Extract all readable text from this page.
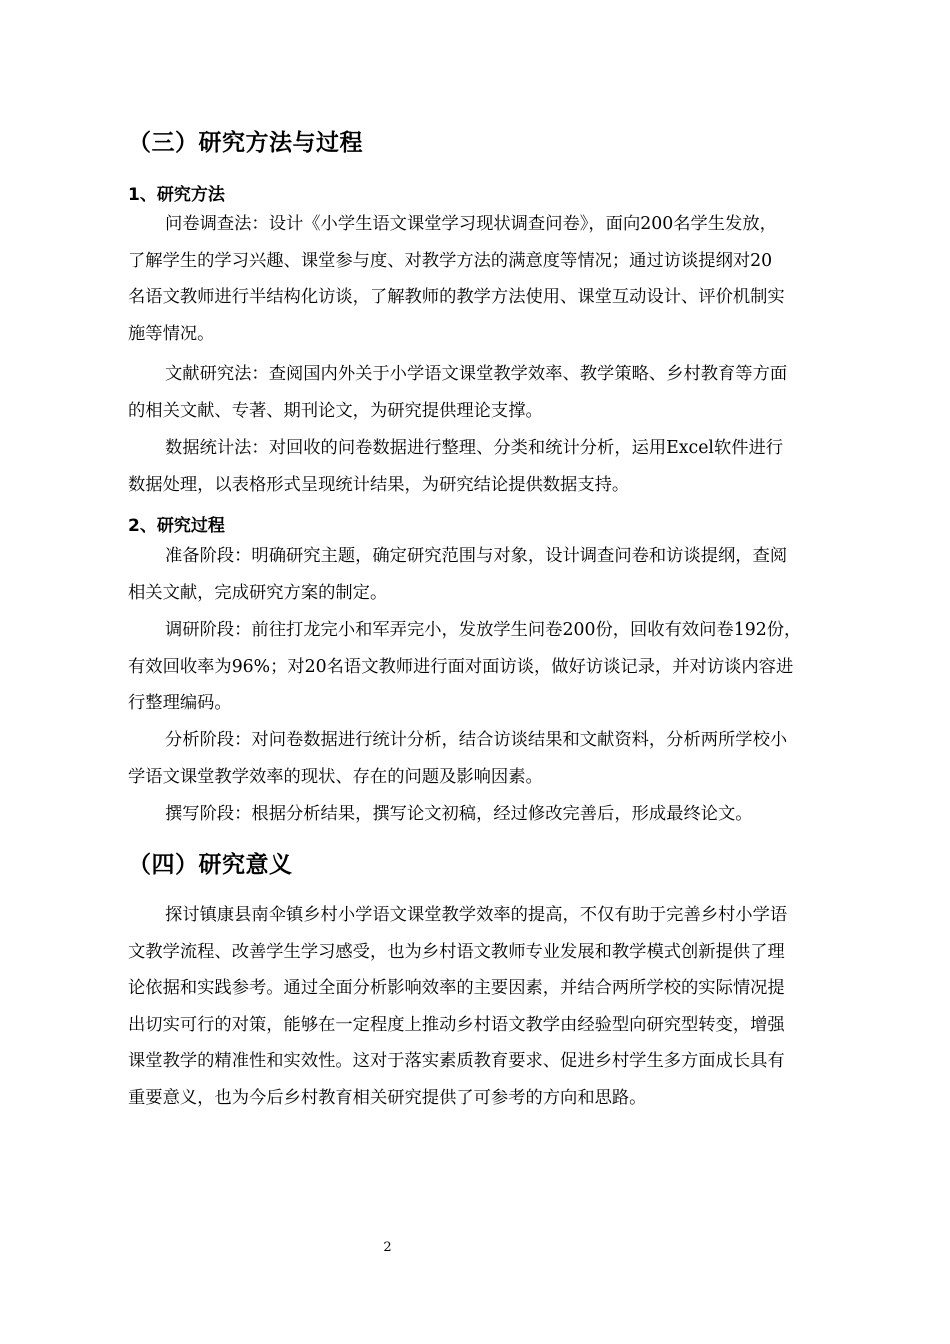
（三）研究方法与过程
1、研究方法
问卷调查法：设计《小学生语文课堂学习现状调查问卷》，面向200名学生发放，
了解学生的学习兴趣、课堂参与度、对教学方法的满意度等情况；通过访谈提纲对20
名语文教师进行半结构化访谈，了解教师的教学方法使用、课堂互动设计、评价机制实
施等情况。
文献研究法：查阅国内外关于小学语文课堂教学效率、教学策略、乡村教育等方面
的相关文献、专著、期刊论文，为研究提供理论支撑。
数据统计法：对回收的问卷数据进行整理、分类和统计分析，运用Excel软件进行
数据处理，以表格形式呈现统计结果，为研究结论提供数据支持。
2、研究过程
准备阶段：明确研究主题，确定研究范围与对象，设计调查问卷和访谈提纲，查阅
相关文献，完成研究方案的制定。
调研阶段：前往打龙完小和军弄完小，发放学生问卷200份，回收有效问卷192份，
有效回收率为96%；对20名语文教师进行面对面访谈，做好访谈记录，并对访谈内容进
行整理编码。
分析阶段：对问卷数据进行统计分析，结合访谈结果和文献资料，分析两所学校小
学语文课堂教学效率的现状、存在的问题及影响因素。
撰写阶段：根据分析结果，撰写论文初稿，经过修改完善后，形成最终论文。
（四）研究意义
探讨镇康县南伞镇乡村小学语文课堂教学效率的提高，不仅有助于完善乡村小学语
文教学流程、改善学生学习感受，也为乡村语文教师专业发展和教学模式创新提供了理
论依据和实践参考。通过全面分析影响效率的主要因素，并结合两所学校的实际情况提
出切实可行的对策，能够在一定程度上推动乡村语文教学由经验型向研究型转变，增强
课堂教学的精准性和实效性。这对于落实素质教育要求、促进乡村学生多方面成长具有
重要意义，也为今后乡村教育相关研究提供了可参考的方向和思路。
2
